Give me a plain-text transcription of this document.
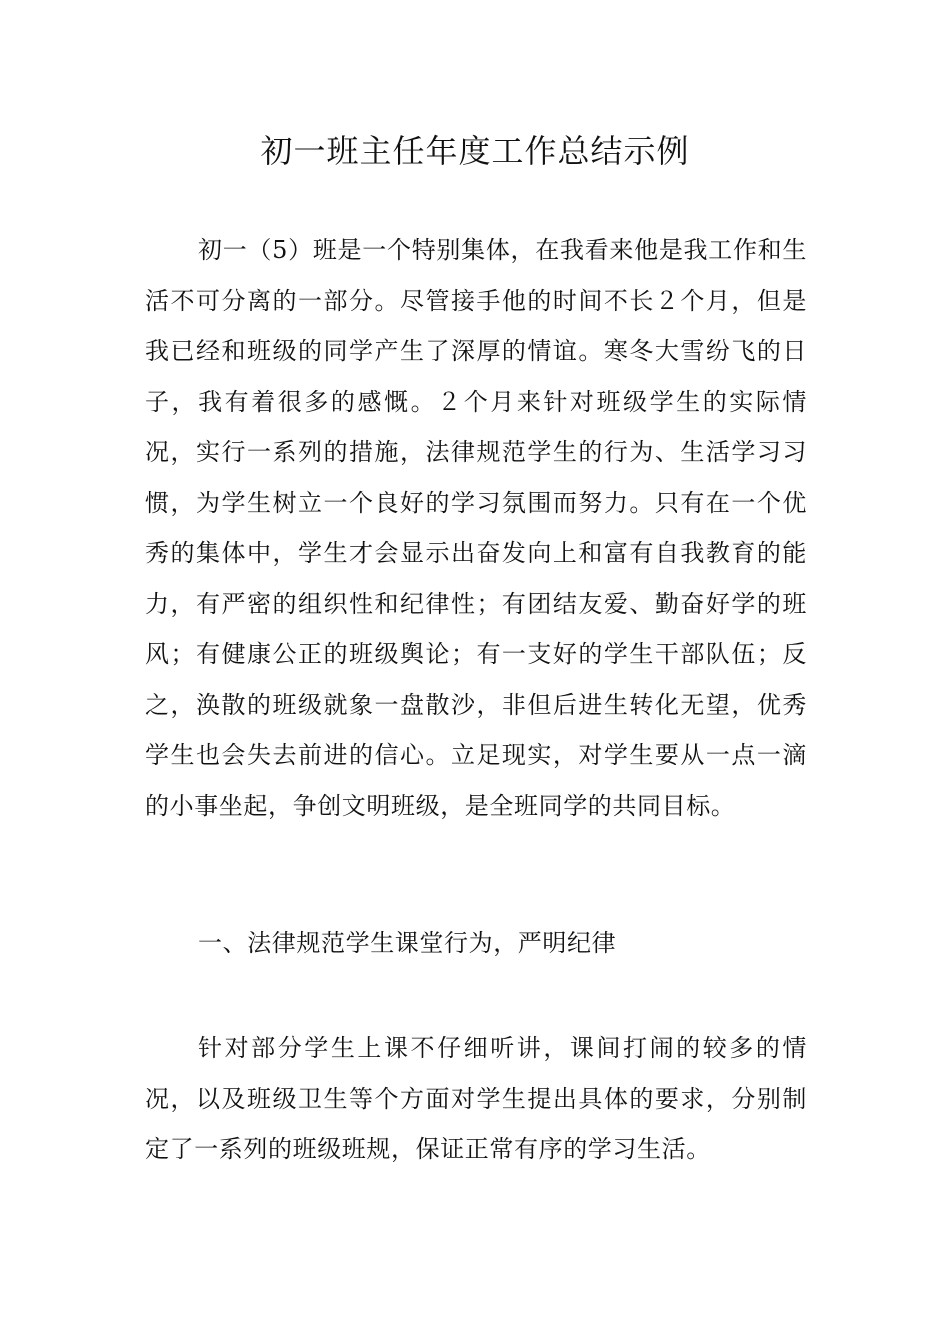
初一班主任年度工作总结示例

初一（5）班是一个特别集体，在我看来他是我工作和生活不可分离的一部分。尽管接手他的时间不长２个月，但是我已经和班级的同学产生了深厚的情谊。寒冬大雪纷飞的日子，我有着很多的感慨。２个月来针对班级学生的实际情况，实行一系列的措施，法律规范学生的行为、生活学习习惯，为学生树立一个良好的学习氛围而努力。只有在一个优秀的集体中，学生才会显示出奋发向上和富有自我教育的能力，有严密的组织性和纪律性；有团结友爱、勤奋好学的班风；有健康公正的班级舆论；有一支好的学生干部队伍；反之，涣散的班级就象一盘散沙，非但后进生转化无望，优秀学生也会失去前进的信心。立足现实，对学生要从一点一滴的小事坐起，争创文明班级，是全班同学的共同目标。

一、法律规范学生课堂行为，严明纪律

针对部分学生上课不仔细听讲，课间打闹的较多的情况，以及班级卫生等个方面对学生提出具体的要求，分别制定了一系列的班级班规，保证正常有序的学习生活。
